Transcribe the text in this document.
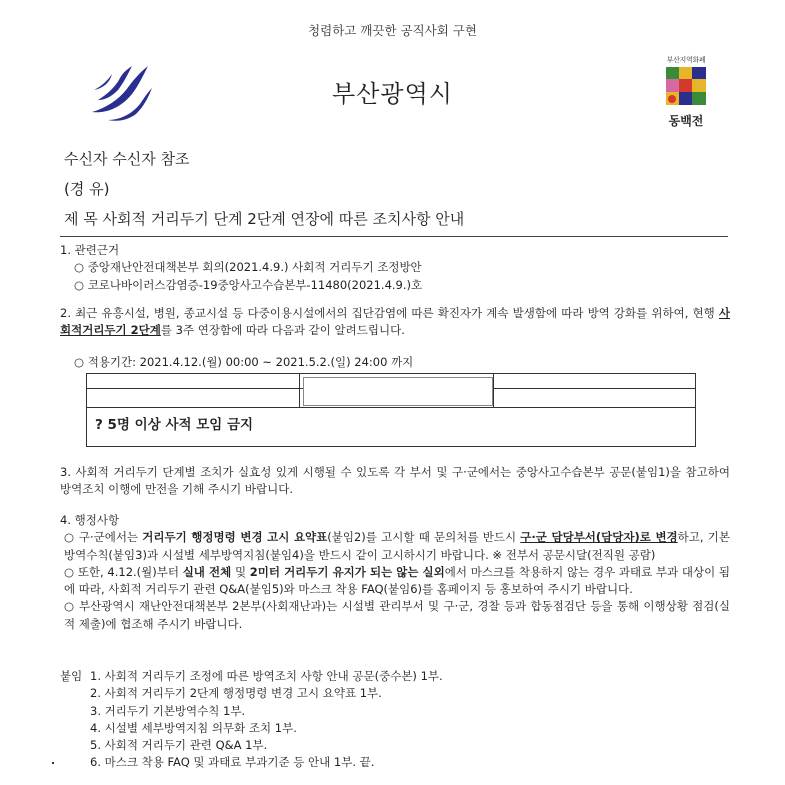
청렴하고 깨끗한 공직사회 구현
부산광역시
부산지역화폐
동백전
수신자 수신자 참조
(경 유)
제 목 사회적 거리두기 단계 2단계 연장에 따른 조치사항 안내
1. 관련근거
○ 중앙재난안전대책본부 회의(2021.4.9.) 사회적 거리두기 조정방안
○ 코로나바이러스감염증-19중앙사고수습본부-11480(2021.4.9.)호
2. 최근 유흥시설, 병원, 종교시설 등 다중이용시설에서의 집단감염에 따른 확진자가 계속 발생함에 따라 방역 강화를 위하여, 현행 사회적거리두기 2단계를 3주 연장함에 따라 다음과 같이 알려드립니다.
○ 적용기간: 2021.4.12.(월) 00:00 ~ 2021.5.2.(일) 24:00 까지
? 5명 이상 사적 모임 금지
3. 사회적 거리두기 단계별 조치가 실효성 있게 시행될 수 있도록 각 부서 및 구·군에서는 중앙사고수습본부 공문(붙임1)을 참고하여 방역조치 이행에 만전을 기해 주시기 바랍니다.
4. 행정사항
○ 구·군에서는 거리두기 행정명령 변경 고시 요약표(붙임2)를 고시할 때 문의처를 반드시 구·군 담당부서(담당자)로 변경하고, 기본방역수칙(붙임3)과 시설별 세부방역지침(붙임4)을 반드시 같이 고시하시기 바랍니다. ※ 전부서 공문시달(전직원 공람)
○ 또한, 4.12.(월)부터 실내 전체 및 2미터 거리두기 유지가 되는 않는 실외에서 마스크를 착용하지 않는 경우 과태료 부과 대상이 됨에 따라, 사회적 거리두기 관련 Q&A(붙임5)와 마스크 착용 FAQ(붙임6)를 홈페이지 등 홍보하여 주시기 바랍니다.
○ 부산광역시 재난안전대책본부 2본부(사회재난과)는 시설별 관리부서 및 구·군, 경찰 등과 합동점검단 등을 통해 이행상황 점검(실적 제출)에 협조해 주시기 바랍니다.
붙임 1. 사회적 거리두기 조정에 따른 방역조치 사항 안내 공문(중수본) 1부.
2. 사회적 거리두기 2단계 행정명령 변경 고시 요약표 1부.
3. 거리두기 기본방역수칙 1부.
4. 시설별 세부방역지침 의무화 조치 1부.
5. 사회적 거리두기 관련 Q&A 1부.
6. 마스크 착용 FAQ 및 과태료 부과기준 등 안내 1부. 끝.
